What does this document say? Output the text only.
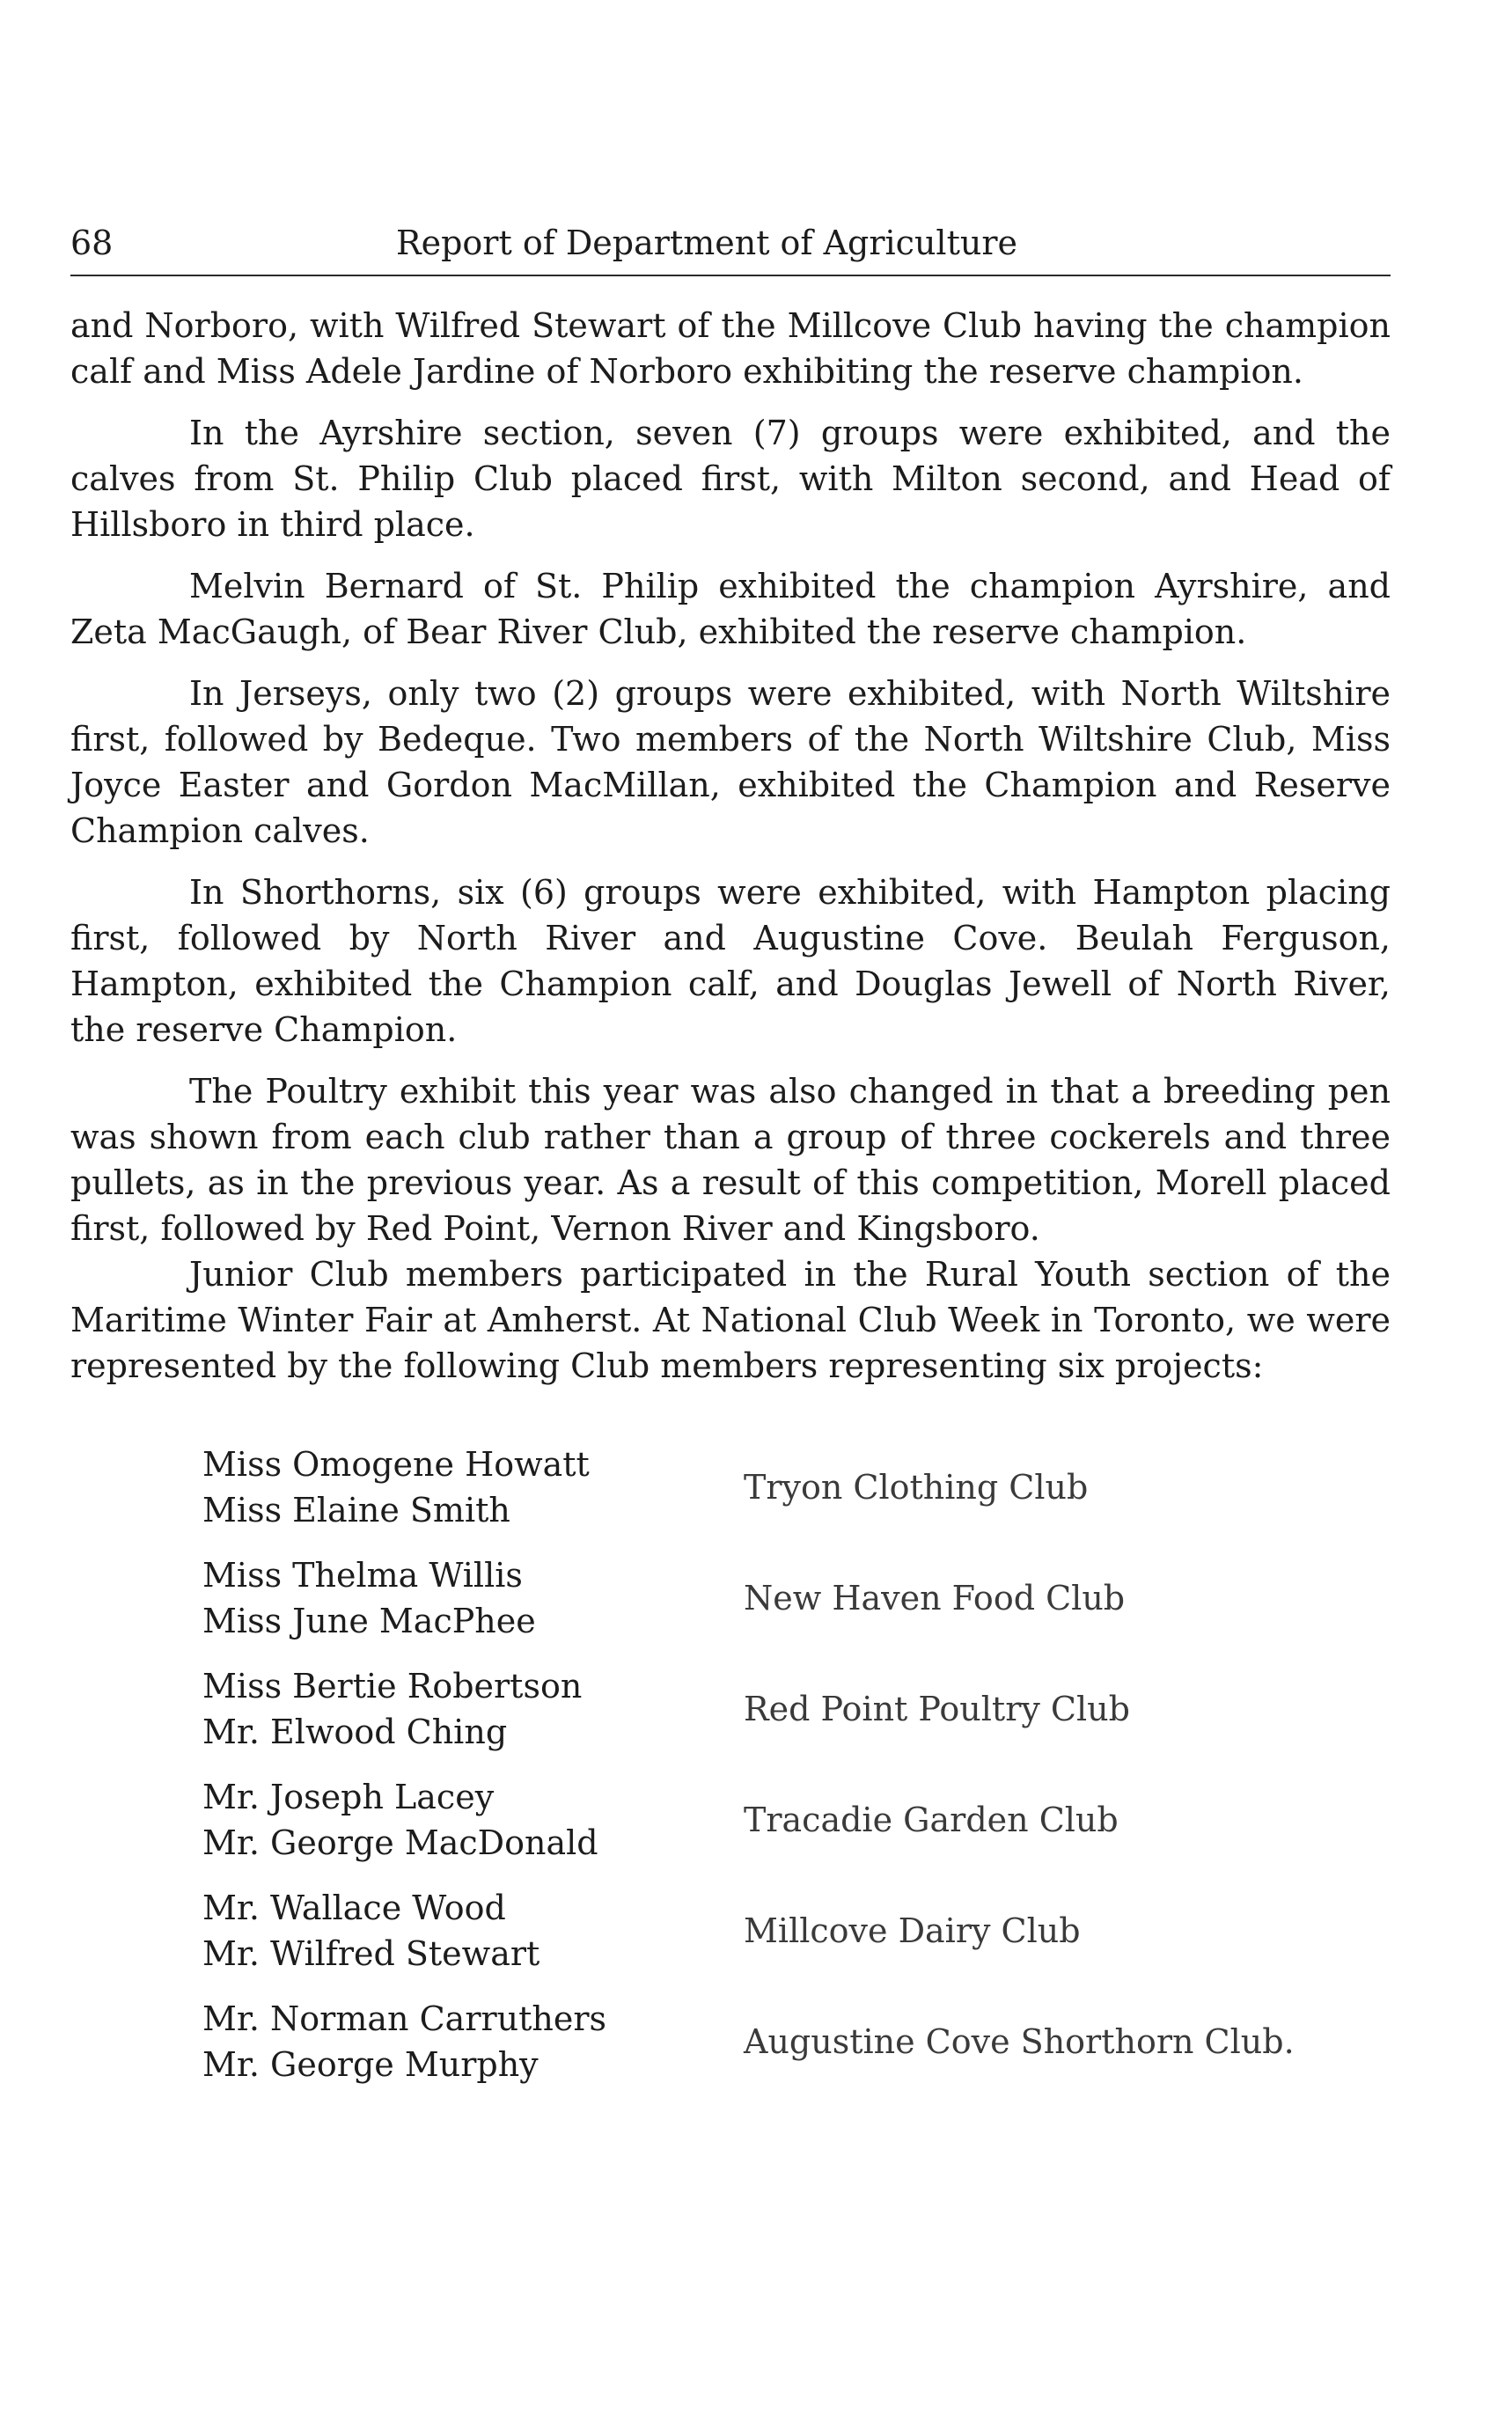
68	Report of Department of Agriculture

and Norboro, with Wilfred Stewart of the Millcove Club having the champion calf and Miss Adele Jardine of Norboro exhibiting the reserve champion.

In the Ayrshire section, seven (7) groups were exhibited, and the calves from St. Philip Club placed first, with Milton second, and Head of Hillsboro in third place.

Melvin Bernard of St. Philip exhibited the champion Ayrshire, and Zeta MacGaugh, of Bear River Club, exhibited the reserve champion.

In Jerseys, only two (2) groups were exhibited, with North Wiltshire first, followed by Bedeque. Two members of the North Wiltshire Club, Miss Joyce Easter and Gordon MacMillan, exhibited the Champion and Reserve Champion calves.

In Shorthorns, six (6) groups were exhibited, with Hampton placing first, followed by North River and Augustine Cove. Beulah Ferguson, Hampton, exhibited the Champion calf, and Douglas Jewell of North River, the reserve Champion.

The Poultry exhibit this year was also changed in that a breeding pen was shown from each club rather than a group of three cockerels and three pullets, as in the previous year. As a result of this competition, Morell placed first, followed by Red Point, Vernon River and Kingsboro.

Junior Club members participated in the Rural Youth section of the Maritime Winter Fair at Amherst. At National Club Week in Toronto, we were represented by the following Club members representing six projects:

Miss Omogene Howatt
Miss Elaine Smith
Tryon Clothing Club
Miss Thelma Willis
Miss June MacPhee
New Haven Food Club
Miss Bertie Robertson
Mr. Elwood Ching
Red Point Poultry Club
Mr. Joseph Lacey
Mr. George MacDonald
Tracadie Garden Club
Mr. Wallace Wood
Mr. Wilfred Stewart
Millcove Dairy Club
Mr. Norman Carruthers
Mr. George Murphy
Augustine Cove Shorthorn Club.
